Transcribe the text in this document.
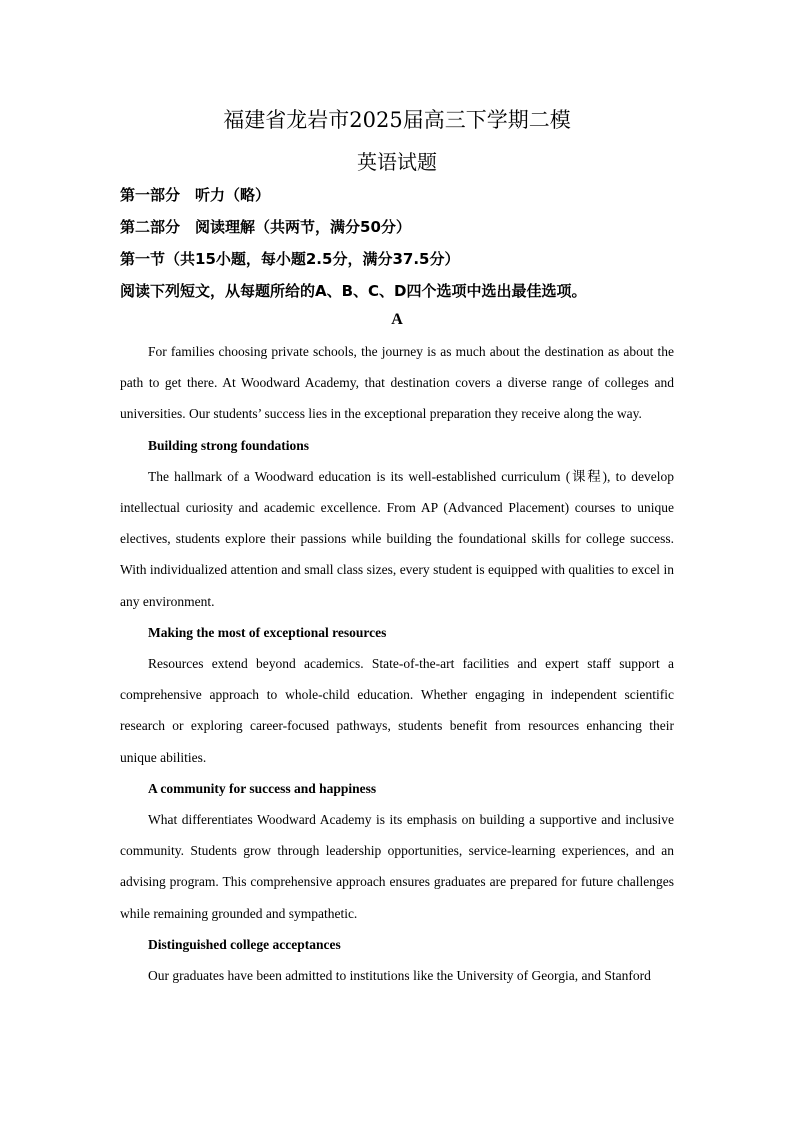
福建省龙岩市2025届高三下学期二模
英语试题
第一部分　听力（略）
第二部分　阅读理解（共两节，满分50分）
第一节（共15小题，每小题2.5分，满分37.5分）
阅读下列短文，从每题所给的A、B、C、D四个选项中选出最佳选项。
A

For families choosing private schools, the journey is as much about the destination as about the path to get there. At Woodward Academy, that destination covers a diverse range of colleges and universities. Our students’ success lies in the exceptional preparation they receive along the way.

Building strong foundations

The hallmark of a Woodward education is its well-established curriculum (课程), to develop intellectual curiosity and academic excellence. From AP (Advanced Placement) courses to unique electives, students explore their passions while building the foundational skills for college success. With individualized attention and small class sizes, every student is equipped with qualities to excel in any environment.

Making the most of exceptional resources

Resources extend beyond academics. State-of-the-art facilities and expert staff support a comprehensive approach to whole-child education. Whether engaging in independent scientific research or exploring career-focused pathways, students benefit from resources enhancing their unique abilities.

A community for success and happiness

What differentiates Woodward Academy is its emphasis on building a supportive and inclusive community. Students grow through leadership opportunities, service-learning experiences, and an advising program. This comprehensive approach ensures graduates are prepared for future challenges while remaining grounded and sympathetic.

Distinguished college acceptances

Our graduates have been admitted to institutions like the University of Georgia, and Stanford
